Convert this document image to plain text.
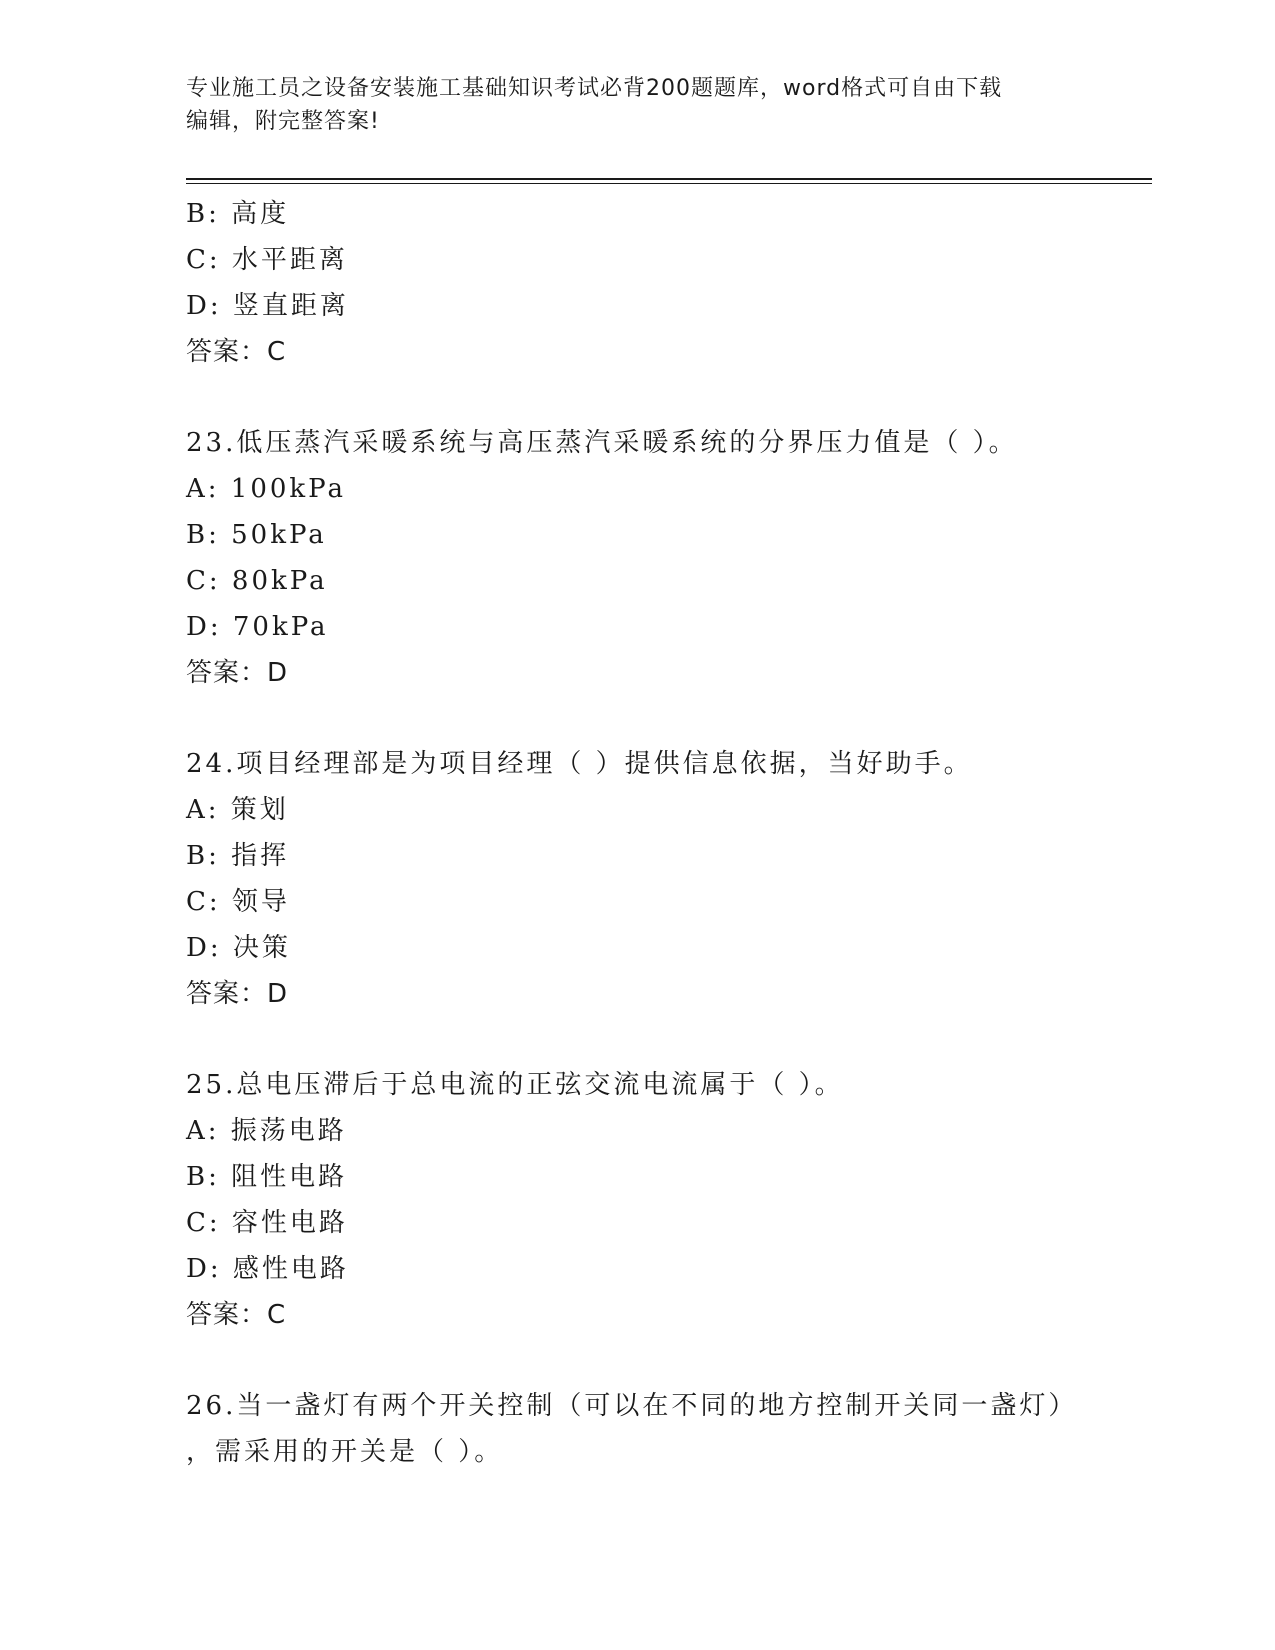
专业施工员之设备安装施工基础知识考试必背200题题库，word格式可自由下载
编辑，附完整答案!
B: 高度
C: 水平距离
D: 竖直距离
答案：C
23.低压蒸汽采暖系统与高压蒸汽采暖系统的分界压力值是（ ）。
A: 100kPa
B: 50kPa
C: 80kPa
D: 70kPa
答案：D
24.项目经理部是为项目经理（ ）提供信息依据，当好助手。
A: 策划
B: 指挥
C: 领导
D: 决策
答案：D
25.总电压滞后于总电流的正弦交流电流属于（ ）。
A: 振荡电路
B: 阻性电路
C: 容性电路
D: 感性电路
答案：C
26.当一盏灯有两个开关控制（可以在不同的地方控制开关同一盏灯）
，需采用的开关是（ ）。
